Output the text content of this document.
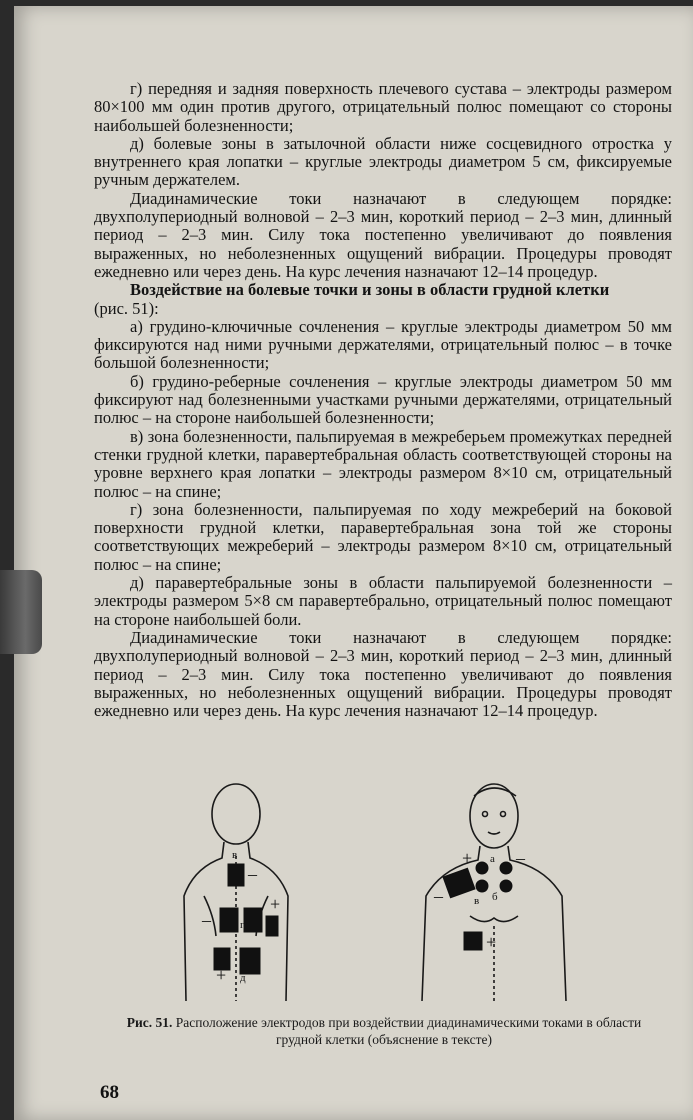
г) передняя и задняя поверхность плечевого сустава – электроды размером 80×100 мм один против другого, отрицательный полюс помещают со стороны наибольшей болезненности;

д) болевые зоны в затылочной области ниже сосцевидного отростка у внутреннего края лопатки – круглые электроды диаметром 5 см, фиксируемые ручным держателем.

Диадинамические токи назначают в следующем порядке: двухполупериодный волновой – 2–3 мин, короткий период – 2–3 мин, длинный период – 2–3 мин. Силу тока постепенно увеличивают до появления выраженных, но неболезненных ощущений вибрации. Процедуры проводят ежедневно или через день. На курс лечения назначают 12–14 процедур.

Воздействие на болевые точки и зоны в области грудной клетки

(рис. 51):

а) грудино-ключичные сочленения – круглые электроды диаметром 50 мм фиксируются над ними ручными держателями, отрицательный полюс – в точке большой болезненности;

б) грудино-реберные сочленения – круглые электроды диаметром 50 мм фиксируют над болезненными участками ручными держателями, отрицательный полюс – на стороне наибольшей болезненности;

в) зона болезненности, пальпируемая в межреберьем промежутках передней стенки грудной клетки, паравертебральная область соответствующей стороны на уровне верхнего края лопатки – электроды размером 8×10 см, отрицательный полюс – на спине;

г) зона болезненности, пальпируемая по ходу межреберий на боковой поверхности грудной клетки, паравертебральная зона той же стороны соответствующих межреберий – электроды размером 8×10 см, отрицательный полюс – на спине;

д) паравертебральные зоны в области пальпируемой болезненности – электроды размером 5×8 см паравертебрально, отрицательный полюс помещают на стороне наибольшей боли.

Диадинамические токи назначают в следующем порядке: двухполупериодный волновой – 2–3 мин, короткий период – 2–3 мин, длинный период – 2–3 мин. Силу тока постепенно увеличивают до появления выраженных, но неболезненных ощущений вибрации. Процедуры проводят ежедневно или через день. На курс лечения назначают 12–14 процедур.

в
г
д
+
+
–
–
а
б
в
+
+
–
–
Рис. 51. Расположение электродов при воздействии диадинамическими токами в области грудной клетки (объяснение в тексте)
68
